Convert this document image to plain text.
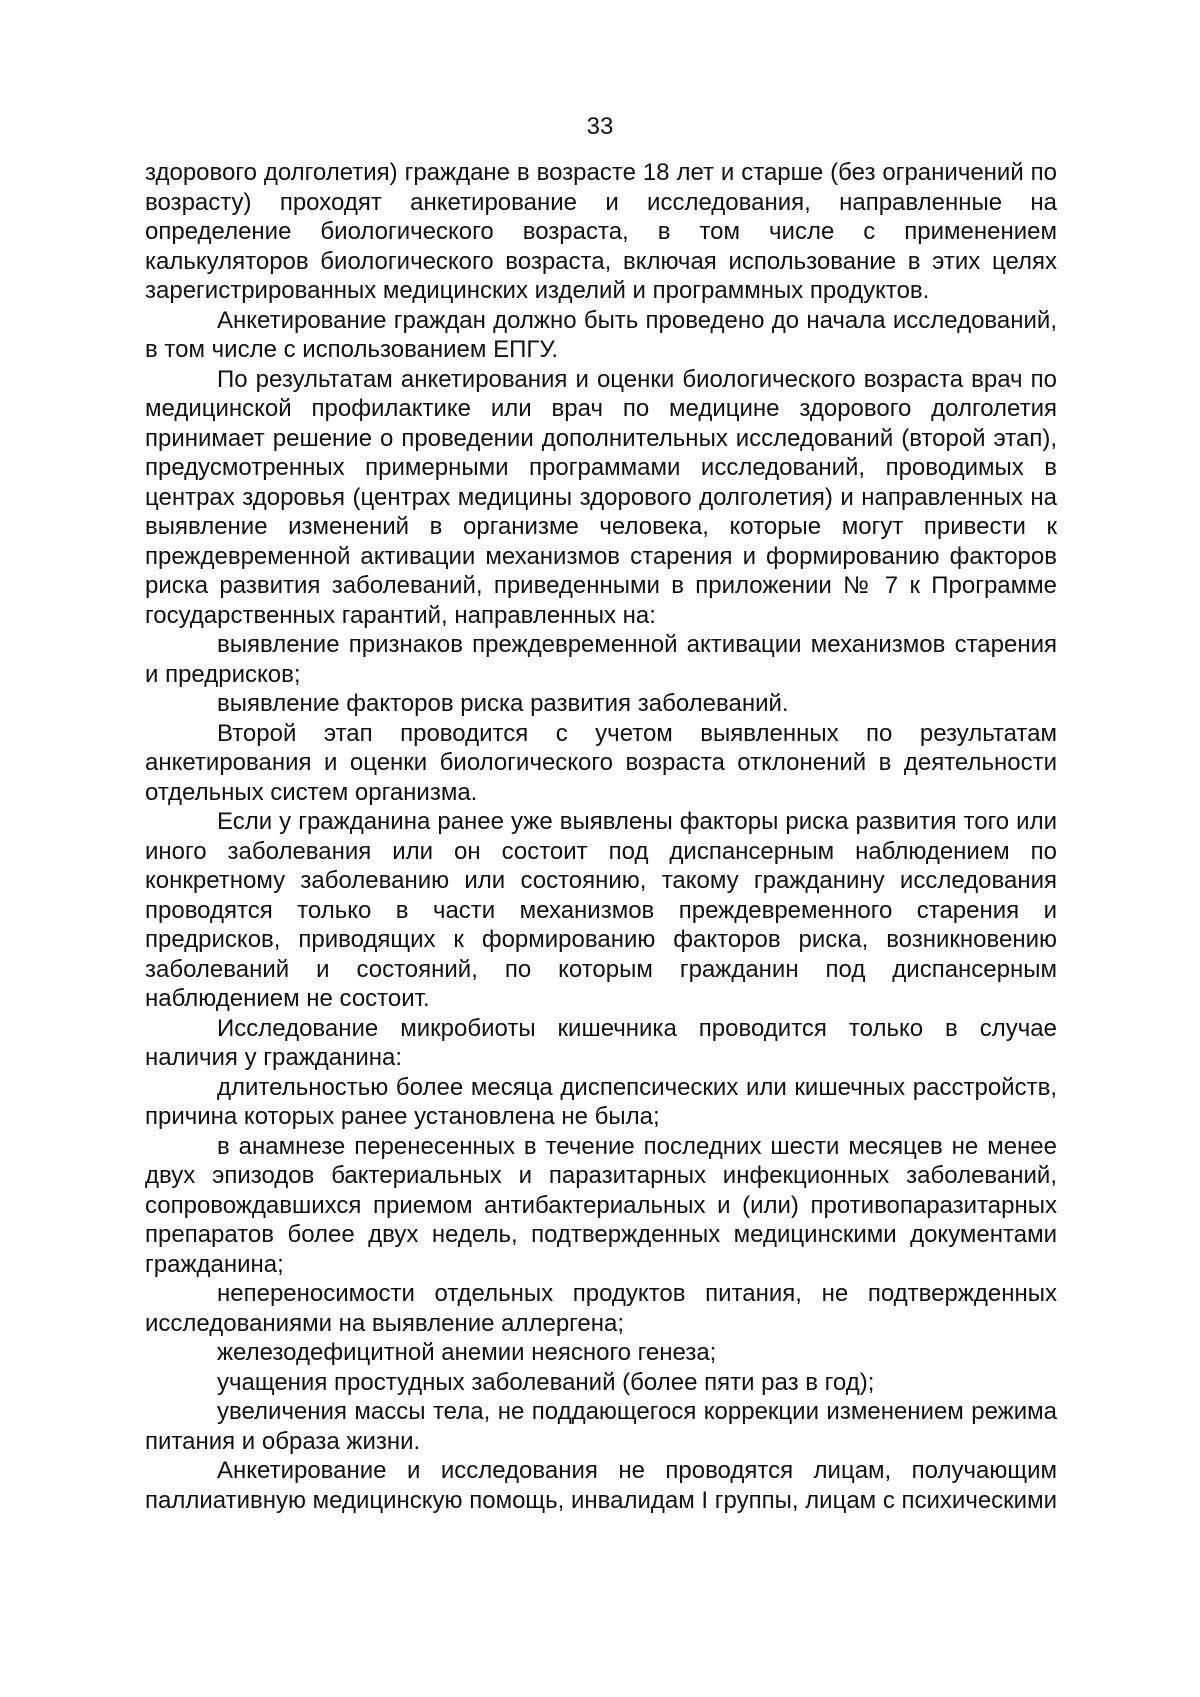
33

здорового долголетия) граждане в возрасте 18 лет и старше (без ограничений по возрасту) проходят анкетирование и исследования, направленные на определение биологического возраста, в том числе с применением калькуляторов биологического возраста, включая использование в этих целях зарегистрированных медицинских изделий и программных продуктов.

Анкетирование граждан должно быть проведено до начала исследований, в том числе с использованием ЕПГУ.

По результатам анкетирования и оценки биологического возраста врач по медицинской профилактике или врач по медицине здорового долголетия принимает решение о проведении дополнительных исследований (второй этап), предусмотренных примерными программами исследований, проводимых в центрах здоровья (центрах медицины здорового долголетия) и направленных на выявление изменений в организме человека, которые могут привести к преждевременной активации механизмов старения и формированию факторов риска развития заболеваний, приведенными в приложении № 7 к Программе государственных гарантий, направленных на:

выявление признаков преждевременной активации механизмов старения и предрисков;

выявление факторов риска развития заболеваний.

Второй этап проводится с учетом выявленных по результатам анкетирования и оценки биологического возраста отклонений в деятельности отдельных систем организма.

Если у гражданина ранее уже выявлены факторы риска развития того или иного заболевания или он состоит под диспансерным наблюдением по конкретному заболеванию или состоянию, такому гражданину исследования проводятся только в части механизмов преждевременного старения и предрисков, приводящих к формированию факторов риска, возникновению заболеваний и состояний, по которым гражданин под диспансерным наблюдением не состоит.

Исследование микробиоты кишечника проводится только в случае наличия у гражданина:

длительностью более месяца диспепсических или кишечных расстройств, причина которых ранее установлена не была;

в анамнезе перенесенных в течение последних шести месяцев не менее двух эпизодов бактериальных и паразитарных инфекционных заболеваний, сопровождавшихся приемом антибактериальных и (или) противопаразитарных препаратов более двух недель, подтвержденных медицинскими документами гражданина;

непереносимости отдельных продуктов питания, не подтвержденных исследованиями на выявление аллергена;

железодефицитной анемии неясного генеза;

учащения простудных заболеваний (более пяти раз в год);

увеличения массы тела, не поддающегося коррекции изменением режима питания и образа жизни.

Анкетирование и исследования не проводятся лицам, получающим паллиативную медицинскую помощь, инвалидам I группы, лицам с психическими
